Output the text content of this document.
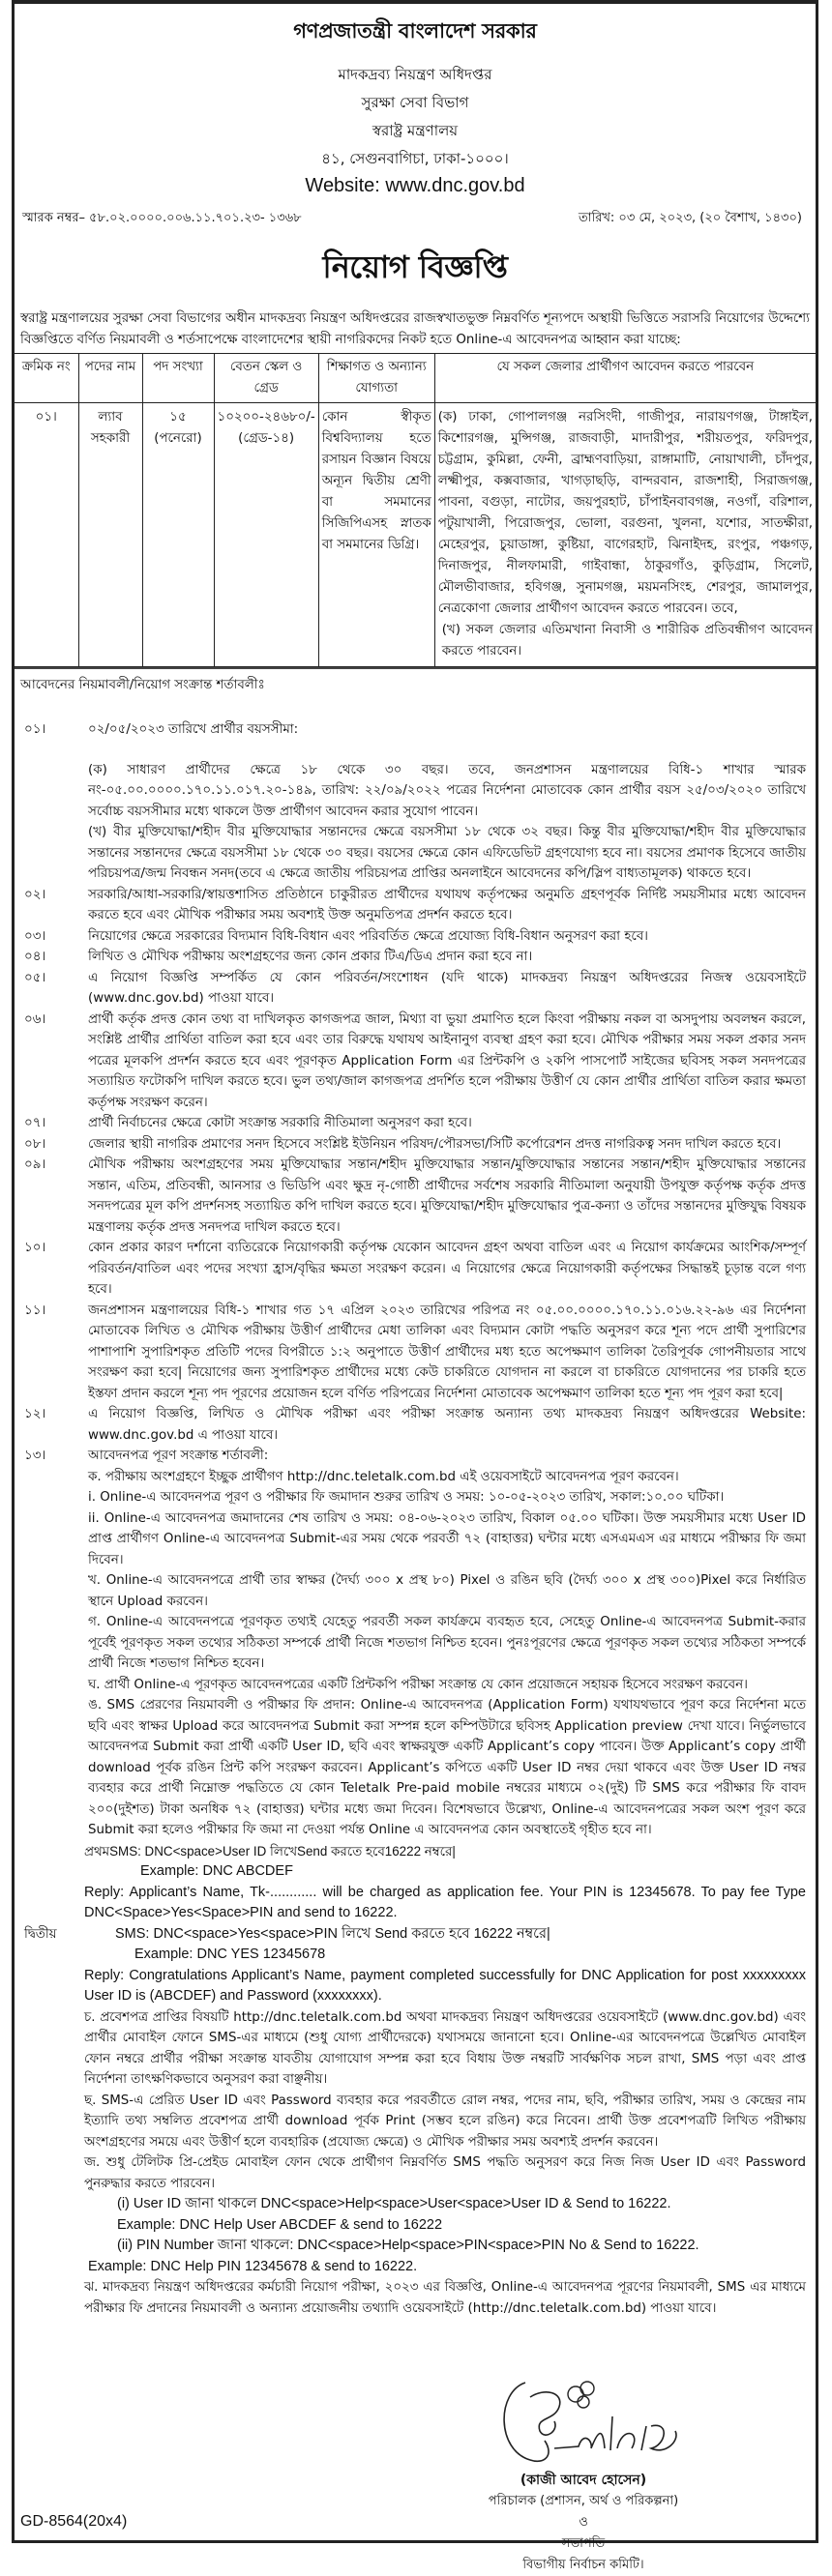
গণপ্রজাতন্ত্রী বাংলাদেশ সরকার
মাদকদ্রব্য নিয়ন্ত্রণ অধিদপ্তর
সুরক্ষা সেবা বিভাগ
স্বরাষ্ট্র মন্ত্রণালয়
৪১, সেগুনবাগিচা, ঢাকা-১০০০।
Website: www.dnc.gov.bd
স্মারক নম্বর– ৫৮.০২.০০০০.০০৬.১১.৭০১.২৩- ১৩৬৮	তারিখ: ০৩ মে, ২০২৩, (২০ বৈশাখ, ১৪৩০)
নিয়োগ বিজ্ঞপ্তি
স্বরাষ্ট্র মন্ত্রণালয়ের সুরক্ষা সেবা বিভাগের অধীন মাদকদ্রব্য নিয়ন্ত্রণ অধিদপ্তরের রাজস্বখাতভুক্ত নিম্নবর্ণিত শূন্যপদে অস্থায়ী ভিত্তিতে সরাসরি নিয়োগের উদ্দেশ্যে বিজ্ঞপ্তিতে বর্ণিত নিয়মাবলী ও শর্তসাপেক্ষে বাংলাদেশের স্থায়ী নাগরিকদের নিকট হতে Online-এ আবেদনপত্র আহ্বান করা যাচ্ছে:
ক্রমিক নং	পদের নাম	পদ সংখ্যা	বেতন স্কেল ও গ্রেড	শিক্ষাগত ও অন্যান্য যোগ্যতা	যে সকল জেলার প্রার্থীগণ আবেদন করতে পারবেন
০১।	ল্যাব সহকারী	১৫ (পনেরো)	১০২০০-২৪৬৮০/- (গ্রেড-১৪)	কোন স্বীকৃত বিশ্ববিদ্যালয় হতে রসায়ন বিজ্ঞান বিষয়ে অন্যূন দ্বিতীয় শ্রেণী বা সমমানের সিজিপিএসহ স্নাতক বা সমমানের ডিগ্রি।	(ক) ঢাকা, গোপালগঞ্জ নরসিংদী, গাজীপুর, নারায়ণগঞ্জ, টাঙ্গাইল, কিশোরগঞ্জ, মুন্সিগঞ্জ, রাজবাড়ী, মাদারীপুর, শরীয়তপুর, ফরিদপুর, চট্টগ্রাম, কুমিল্লা, ফেনী, ব্রাহ্মণবাড়িয়া, রাঙ্গামাটি, নোয়াখালী, চাঁদপুর, লক্ষ্মীপুর, কক্সবাজার, খাগড়াছড়ি, বান্দরবান, রাজশাহী, সিরাজগঞ্জ, পাবনা, বগুড়া, নাটোর, জয়পুরহাট, চাঁপাইনবাবগঞ্জ, নওগাঁ, বরিশাল, পটুয়াখালী, পিরোজপুর, ভোলা, বরগুনা, খুলনা, যশোর, সাতক্ষীরা, মেহেরপুর, চুয়াডাঙ্গা, কুষ্টিয়া, বাগেরহাট, ঝিনাইদহ, রংপুর, পঞ্চগড়, দিনাজপুর, নীলফামারী, গাইবান্ধা, ঠাকুরগাঁও, কুড়িগ্রাম, সিলেট, মৌলভীবাজার, হবিগঞ্জ, সুনামগঞ্জ, ময়মনসিংহ, শেরপুর, জামালপুর, নেত্রকোণা জেলার প্রার্থীগণ আবেদন করতে পারবেন। তবে,
(খ) সকল জেলার এতিমখানা নিবাসী ও শারীরিক প্রতিবন্ধীগণ আবেদন করতে পারবেন।
আবেদনের নিয়মাবলী/নিয়োগ সংক্রান্ত শর্তাবলীঃ
০১।	০২/০৫/২০২৩ তারিখে প্রার্থীর বয়সসীমা:

(ক) সাধারণ প্রার্থীদের ক্ষেত্রে ১৮ থেকে ৩০ বছর। তবে, জনপ্রশাসন মন্ত্রণালয়ের বিধি-১ শাখার স্মারক নং-০৫.০০.০০০০.১৭০.১১.০১৭.২০-১৪৯, তারিখ: ২২/০৯/২০২২ পত্রের নির্দেশনা মোতাবেক কোন প্রার্থীর বয়স ২৫/০৩/২০২০ তারিখে সর্বোচ্চ বয়সসীমার মধ্যে থাকলে উক্ত প্রার্থীগণ আবেদন করার সুযোগ পাবেন।

(খ) বীর মুক্তিযোদ্ধা/শহীদ বীর মুক্তিযোদ্ধার সন্তানদের ক্ষেত্রে বয়সসীমা ১৮ থেকে ৩২ বছর। কিন্তু বীর মুক্তিযোদ্ধা/শহীদ বীর মুক্তিযোদ্ধার সন্তানের সন্তানদের ক্ষেত্রে বয়সসীমা ১৮ থেকে ৩০ বছর। বয়সের ক্ষেত্রে কোন এফিডেভিট গ্রহণযোগ্য হবে না। বয়সের প্রমাণক হিসেবে জাতীয় পরিচয়পত্র/জন্ম নিবন্ধন সনদ(তবে এ ক্ষেত্রে জাতীয় পরিচয়পত্র প্রাপ্তির অনলাইনে আবেদনের কপি/স্লিপ বাধ্যতামূলক) থাকতে হবে।

০২।	সরকারি/আধা-সরকারি/স্বায়ত্তশাসিত প্রতিষ্ঠানে চাকুরীরত প্রার্থীদের যথাযথ কর্তৃপক্ষের অনুমতি গ্রহণপূর্বক নির্দিষ্ট সময়সীমার মধ্যে আবেদন করতে হবে এবং মৌখিক পরীক্ষার সময় অবশ্যই উক্ত অনুমতিপত্র প্রদর্শন করতে হবে।

০৩।	নিয়োগের ক্ষেত্রে সরকারের বিদ্যমান বিধি-বিধান এবং পরিবর্তিত ক্ষেত্রে প্রযোজ্য বিধি-বিধান অনুসরণ করা হবে।

০৪।	লিখিত ও মৌখিক পরীক্ষায় অংশগ্রহণের জন্য কোন প্রকার টিএ/ডিএ প্রদান করা হবে না।

০৫।	এ নিয়োগ বিজ্ঞপ্তি সম্পর্কিত যে কোন পরিবর্তন/সংশোধন (যদি থাকে) মাদকদ্রব্য নিয়ন্ত্রণ অধিদপ্তরের নিজস্ব ওয়েবসাইটে (www.dnc.gov.bd) পাওয়া যাবে।

০৬।	প্রার্থী কর্তৃক প্রদত্ত কোন তথ্য বা দাখিলকৃত কাগজপত্র জাল, মিথ্যা বা ভুয়া প্রমাণিত হলে কিংবা পরীক্ষায় নকল বা অসদুপায় অবলম্বন করলে, সংশ্লিষ্ট প্রার্থীর প্রার্থিতা বাতিল করা হবে এবং তার বিরুদ্ধে যথাযথ আইনানুগ ব্যবস্থা গ্রহণ করা হবে। মৌখিক পরীক্ষার সময় সকল প্রকার সনদ পত্রের মূলকপি প্রদর্শন করতে হবে এবং পূরণকৃত Application Form এর প্রিন্টকপি ও ২কপি পাসপোর্ট সাইজের ছবিসহ সকল সনদপত্রের সত্যায়িত ফটোকপি দাখিল করতে হবে। ভুল তথ্য/জাল কাগজপত্র প্রদর্শিত হলে পরীক্ষায় উত্তীর্ণ যে কোন প্রার্থীর প্রার্থিতা বাতিল করার ক্ষমতা কর্তৃপক্ষ সংরক্ষণ করেন।

০৭।	প্রার্থী নির্বাচনের ক্ষেত্রে কোটা সংক্রান্ত সরকারি নীতিমালা অনুসরণ করা হবে।

০৮।	জেলার স্থায়ী নাগরিক প্রমাণের সনদ হিসেবে সংশ্লিষ্ট ইউনিয়ন পরিষদ/পৌরসভা/সিটি কর্পোরেশন প্রদত্ত নাগরিকত্ব সনদ দাখিল করতে হবে।

০৯।	মৌখিক পরীক্ষায় অংশগ্রহণের সময় মুক্তিযোদ্ধার সন্তান/শহীদ মুক্তিযোদ্ধার সন্তান/মুক্তিযোদ্ধার সন্তানের সন্তান/শহীদ মুক্তিযোদ্ধার সন্তানের সন্তান, এতিম, প্রতিবন্ধী, আনসার ও ভিডিপি এবং ক্ষুদ্র নৃ-গোষ্ঠী প্রার্থীদের সর্বশেষ সরকারি নীতিমালা অনুযায়ী উপযুক্ত কর্তৃপক্ষ কর্তৃক প্রদত্ত সনদপত্রের মূল কপি প্রদর্শনসহ সত্যায়িত কপি দাখিল করতে হবে। মুক্তিযোদ্ধা/শহীদ মুক্তিযোদ্ধার পুত্র-কন্যা ও তাঁদের সন্তানদের মুক্তিযুদ্ধ বিষয়ক মন্ত্রণালয় কর্তৃক প্রদত্ত সনদপত্র দাখিল করতে হবে।

১০।	কোন প্রকার কারণ দর্শানো ব্যতিরেকে নিয়োগকারী কর্তৃপক্ষ যেকোন আবেদন গ্রহণ অথবা বাতিল এবং এ নিয়োগ কার্যক্রমের আংশিক/সম্পূর্ণ পরিবর্তন/বাতিল এবং পদের সংখ্যা হ্রাস/বৃদ্ধির ক্ষমতা সংরক্ষণ করেন। এ নিয়োগের ক্ষেত্রে নিয়োগকারী কর্তৃপক্ষের সিদ্ধান্তই চূড়ান্ত বলে গণ্য হবে।

১১।	জনপ্রশাসন মন্ত্রণালয়ের বিধি-১ শাখার গত ১৭ এপ্রিল ২০২৩ তারিখের পরিপত্র নং ০৫.০০.০০০০.১৭০.১১.০১৬.২২-৯৬ এর নির্দেশনা মোতাবেক লিখিত ও মৌখিক পরীক্ষায় উত্তীর্ণ প্রার্থীদের মেধা তালিকা এবং বিদ্যমান কোটা পদ্ধতি অনুসরণ করে শূন্য পদে প্রার্থী সুপারিশের পাশাপাশি সুপারিশকৃত প্রতিটি পদের বিপরীতে ১:২ অনুপাতে উত্তীর্ণ প্রার্থীদের মধ্য হতে অপেক্ষমাণ তালিকা তৈরিপূর্বক গোপনীয়তার সাথে সংরক্ষণ করা হবে| নিয়োগের জন্য সুপারিশকৃত প্রার্থীদের মধ্যে কেউ চাকরিতে যোগদান না করলে বা চাকরিতে যোগদানের পর চাকরি হতে ইস্তফা প্রদান করলে শূন্য পদ পূরণের প্রয়োজন হলে বর্ণিত পরিপত্রের নির্দেশনা মোতাবেক অপেক্ষমাণ তালিকা হতে শূন্য পদ পূরণ করা হবে|

১২।	এ নিয়োগ বিজ্ঞপ্তি, লিখিত ও মৌখিক পরীক্ষা এবং পরীক্ষা সংক্রান্ত অন্যান্য তথ্য মাদকদ্রব্য নিয়ন্ত্রণ অধিদপ্তরের Website: www.dnc.gov.bd এ পাওয়া যাবে।

১৩।	আবেদনপত্র পূরণ সংক্রান্ত শর্তাবলী:

ক. পরীক্ষায় অংশগ্রহণে ইচ্ছুক প্রার্থীগণ http://dnc.teletalk.com.bd এই ওয়েবসাইটে আবেদনপত্র পূরণ করবেন।

i. Online-এ আবেদনপত্র পূরণ ও পরীক্ষার ফি জমাদান শুরুর তারিখ ও সময়: ১০-০৫-২০২৩ তারিখ, সকাল:১০.০০ ঘটিকা।

ii. Online-এ আবেদনপত্র জমাদানের শেষ তারিখ ও সময়: ০৪-০৬-২০২৩ তারিখ, বিকাল ০৫.০০ ঘটিকা। উক্ত সময়সীমার মধ্যে User ID প্রাপ্ত প্রার্থীগণ Online-এ আবেদনপত্র Submit-এর সময় থেকে পরবর্তী ৭২ (বাহাত্তর) ঘন্টার মধ্যে এসএমএস এর মাধ্যমে পরীক্ষার ফি জমা দিবেন।

খ. Online-এ আবেদনপত্রে প্রার্থী তার স্বাক্ষর (দৈর্ঘ্য ৩০০ x প্রস্থ ৮০) Pixel ও রঙিন ছবি (দৈর্ঘ্য ৩০০ x প্রস্থ ৩০০)Pixel করে নির্ধারিত স্থানে Upload করবেন।

গ. Online-এ আবেদনপত্রে পূরণকৃত তথ্যই যেহেতু পরবর্তী সকল কার্যক্রমে ব্যবহৃত হবে, সেহেতু Online-এ আবেদনপত্র Submit-করার পূর্বেই পূরণকৃত সকল তথ্যের সঠিকতা সম্পর্কে প্রার্থী নিজে শতভাগ নিশ্চিত হবেন। পুনঃপূরণের ক্ষেত্রে পূরণকৃত সকল তথ্যের সঠিকতা সম্পর্কে প্রার্থী নিজে শতভাগ নিশ্চিত হবেন।

ঘ. প্রার্থী Online-এ পূরণকৃত আবেদনপত্রের একটি প্রিন্টকপি পরীক্ষা সংক্রান্ত যে কোন প্রয়োজনে সহায়ক হিসেবে সংরক্ষণ করবেন।

ঙ. SMS প্রেরণের নিয়মাবলী ও পরীক্ষার ফি প্রদান: Online-এ আবেদনপত্র (Application Form) যথাযথভাবে পূরণ করে নির্দেশনা মতে ছবি এবং স্বাক্ষর Upload করে আবেদনপত্র Submit করা সম্পন্ন হলে কম্পিউটারে ছবিসহ Application preview দেখা যাবে। নির্ভুলভাবে আবেদনপত্র Submit করা প্রার্থী একটি User ID, ছবি এবং স্বাক্ষরযুক্ত একটি Applicant’s copy পাবেন। উক্ত Applicant’s copy প্রার্থী download পূর্বক রঙিন প্রিন্ট কপি সংরক্ষণ করবেন। Applicant’s কপিতে একটি User ID নম্বর দেয়া থাকবে এবং উক্ত User ID নম্বর ব্যবহার করে প্রার্থী নিম্নোক্ত পদ্ধতিতে যে কোন Teletalk Pre-paid mobile নম্বরের মাধ্যমে ০২(দুই) টি SMS করে পরীক্ষার ফি বাবদ ২০০(দুইশত) টাকা অনধিক ৭২ (বাহাত্তর) ঘন্টার মধ্যে জমা দিবেন। বিশেষভাবে উল্লেখ্য, Online-এ আবেদনপত্রের সকল অংশ পূরণ করে Submit করা হলেও পরীক্ষার ফি জমা না দেওয়া পর্যন্ত Online এ আবেদনপত্র কোন অবস্থাতেই গৃহীত হবে না।

প্রথমSMS: DNC<space>User ID লিখেSend করতে হবে16222 নম্বরে|

Example: DNC ABCDEF

Reply: Applicant’s Name, Tk-............ will be charged as application fee. Your PIN is 12345678. To pay fee Type DNC<Space>Yes<Space>PIN and send to 16222.

দ্বিতীয়	SMS: DNC<space>Yes<space>PIN লিখে Send করতে হবে 16222 নম্বরে|

Example: DNC YES 12345678

Reply: Congratulations Applicant’s Name, payment completed successfully for DNC Application for post xxxxxxxxx User ID is (ABCDEF) and Password (xxxxxxxx).

চ. প্রবেশপত্র প্রাপ্তির বিষয়টি http://dnc.teletalk.com.bd অথবা মাদকদ্রব্য নিয়ন্ত্রণ অধিদপ্তরের ওয়েবসাইটে (www.dnc.gov.bd) এবং প্রার্থীর মোবাইল ফোনে SMS-এর মাধ্যমে (শুধু যোগ্য প্রার্থীদেরকে) যথাসময়ে জানানো হবে। Online-এর আবেদনপত্রে উল্লেখিত মোবাইল ফোন নম্বরে প্রার্থীর পরীক্ষা সংক্রান্ত যাবতীয় যোগাযোগ সম্পন্ন করা হবে বিধায় উক্ত নম্বরটি সার্বক্ষণিক সচল রাখা, SMS পড়া এবং প্রাপ্ত নির্দেশনা তাৎক্ষণিকভাবে অনুসরণ করা বাঞ্ছনীয়।

ছ. SMS-এ প্রেরিত User ID এবং Password ব্যবহার করে পরবর্তীতে রোল নম্বর, পদের নাম, ছবি, পরীক্ষার তারিখ, সময় ও কেন্দ্রের নাম ইত্যাদি তথ্য সম্বলিত প্রবেশপত্র প্রার্থী download পূর্বক Print (সম্ভব হলে রঙিন) করে নিবেন। প্রার্থী উক্ত প্রবেশপত্রটি লিখিত পরীক্ষায় অংশগ্রহণের সময়ে এবং উত্তীর্ণ হলে ব্যবহারিক (প্রযোজ্য ক্ষেত্রে) ও মৌখিক পরীক্ষার সময় অবশ্যই প্রদর্শন করবেন।

জ. শুধু টেলিটক প্রি-প্রেইড মোবাইল ফোন থেকে প্রার্থীগণ নিম্নবর্ণিত SMS পদ্ধতি অনুসরণ করে নিজ নিজ User ID এবং Password পুনরুদ্ধার করতে পারবেন।

(i) User ID জানা থাকলে DNC<space>Help<space>User<space>User ID & Send to 16222.

Example: DNC Help User ABCDEF & send to 16222

(ii) PIN Number জানা থাকলে: DNC<space>Help<space>PIN<space>PIN No & Send to 16222.

Example: DNC Help PIN 12345678 & send to 16222.

ঝ. মাদকদ্রব্য নিয়ন্ত্রণ অধিদপ্তরের কর্মচারী নিয়োগ পরীক্ষা, ২০২৩ এর বিজ্ঞপ্তি, Online-এ আবেদনপত্র পূরণের নিয়মাবলী, SMS এর মাধ্যমে পরীক্ষার ফি প্রদানের নিয়মাবলী ও অন্যান্য প্রয়োজনীয় তথ্যাদি ওয়েবসাইটে (http://dnc.teletalk.com.bd) পাওয়া যাবে।

(কাজী আবেদ হোসেন)
পরিচালক (প্রশাসন, অর্থ ও পরিকল্পনা)
ও
সভাপতি
বিভাগীয় নির্বাচন কমিটি।
GD-8564(20x4)
